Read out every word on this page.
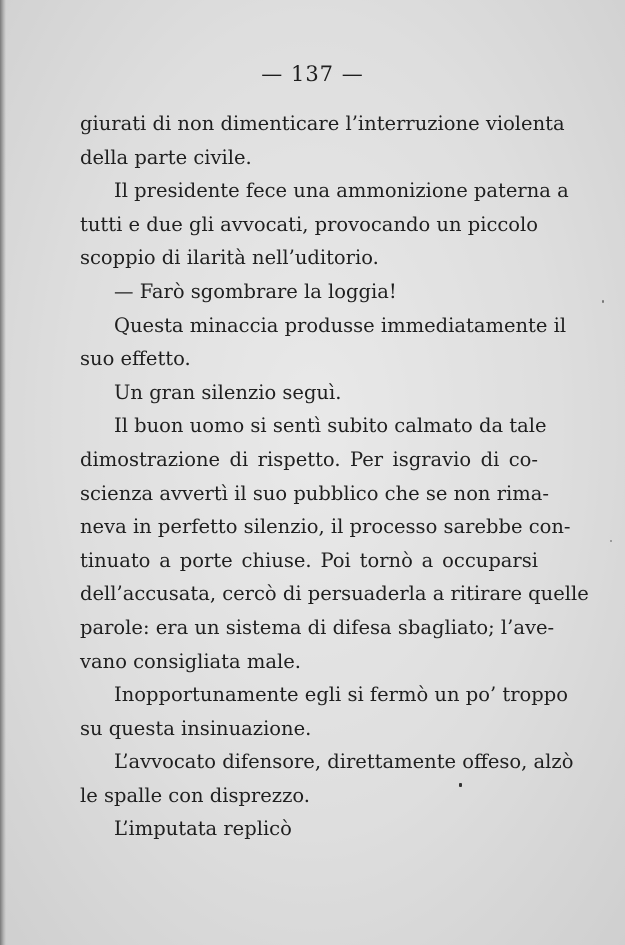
— 137 —
giurati di non dimenticare l’interruzione violenta
della parte civile.
Il presidente fece una ammonizione paterna a
tutti e due gli avvocati, provocando un piccolo
scoppio di ilarità nell’uditorio.
— Farò sgombrare la loggia!
Questa minaccia produsse immediatamente il
suo effetto.
Un gran silenzio seguì.
Il buon uomo si sentì subito calmato da tale
dimostrazione di rispetto. Per isgravio di co-
scienza avvertì il suo pubblico che se non rima-
neva in perfetto silenzio, il processo sarebbe con-
tinuato a porte chiuse. Poi tornò a occuparsi
dell’accusata, cercò di persuaderla a ritirare quelle
parole: era un sistema di difesa sbagliato; l’ave-
vano consigliata male.
Inopportunamente egli si fermò un po’ troppo
su questa insinuazione.
L’avvocato difensore, direttamente offeso, alzò
le spalle con disprezzo.
L’imputata replicò
